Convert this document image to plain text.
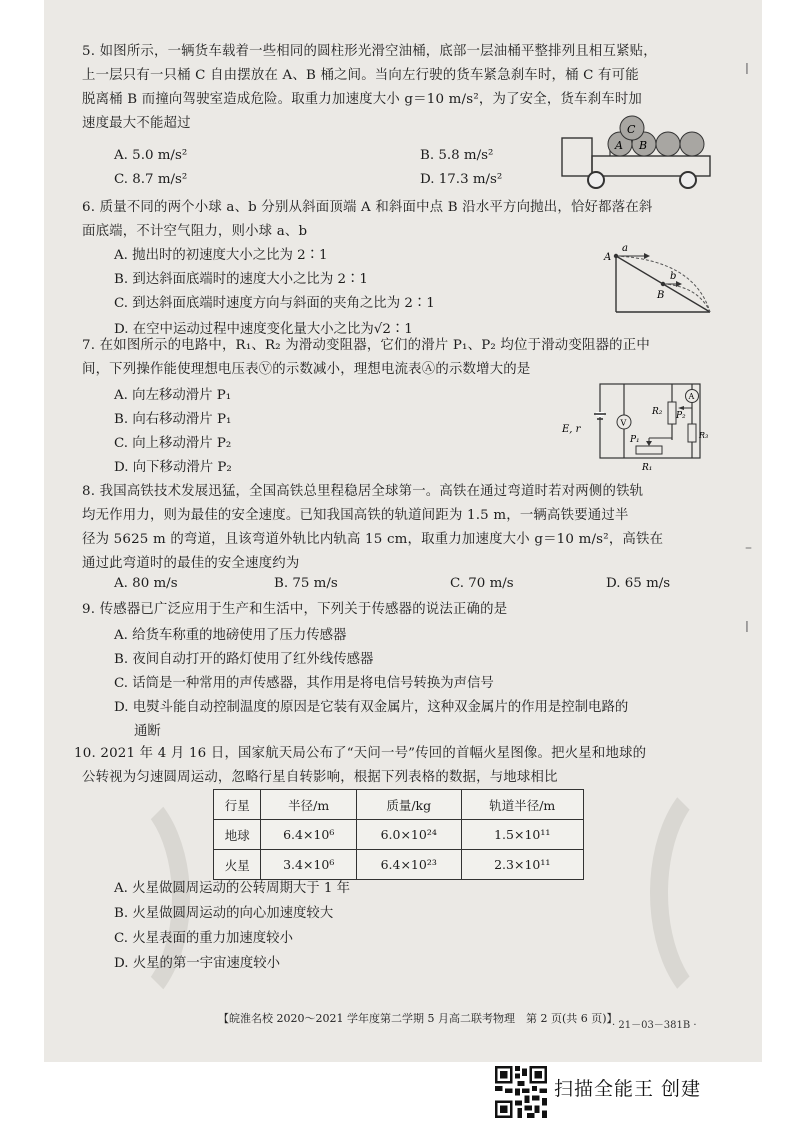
l
l
–
5. 如图所示，一辆货车载着一些相同的圆柱形光滑空油桶，底部一层油桶平整排列且相互紧贴，
上一层只有一只桶 C 自由摆放在 A、B 桶之间。当向左行驶的货车紧急刹车时，桶 C 有可能
脱离桶 B 而撞向驾驶室造成危险。取重力加速度大小 g＝10 m/s²，为了安全，货车刹车时加
速度最大不能超过
A. 5.0 m/s²	B. 5.8 m/s²
C. 8.7 m/s²	D. 17.3 m/s²
C
A B
6. 质量不同的两个小球 a、b 分别从斜面顶端 A 和斜面中点 B 沿水平方向抛出，恰好都落在斜
面底端，不计空气阻力，则小球 a、b
A. 抛出时的初速度大小之比为 2∶1
B. 到达斜面底端时的速度大小之比为 2∶1
C. 到达斜面底端时速度方向与斜面的夹角之比为 2∶1
D. 在空中运动过程中速度变化量大小之比为√2∶1
A
a
b
B
7. 在如图所示的电路中，R₁、R₂ 为滑动变阻器，它们的滑片 P₁、P₂ 均位于滑动变阻器的正中
间，下列操作能使理想电压表Ⓥ的示数减小，理想电流表Ⓐ的示数增大的是
A. 向左移动滑片 P₁
B. 向右移动滑片 P₁
C. 向上移动滑片 P₂
D. 向下移动滑片 P₂
V
A
E, r
R₂ P₂
R₃
P₁
R₁
8. 我国高铁技术发展迅猛，全国高铁总里程稳居全球第一。高铁在通过弯道时若对两侧的铁轨
均无作用力，则为最佳的安全速度。已知我国高铁的轨道间距为 1.5 m，一辆高铁要通过半
径为 5625 m 的弯道，且该弯道外轨比内轨高 15 cm，取重力加速度大小 g＝10 m/s²，高铁在
通过此弯道时的最佳的安全速度约为
A. 80 m/s	B. 75 m/s	C. 70 m/s	D. 65 m/s
9. 传感器已广泛应用于生产和生活中，下列关于传感器的说法正确的是
A. 给货车称重的地磅使用了压力传感器
B. 夜间自动打开的路灯使用了红外线传感器
C. 话筒是一种常用的声传感器，其作用是将电信号转换为声信号
D. 电熨斗能自动控制温度的原因是它装有双金属片，这种双金属片的作用是控制电路的
通断
10. 2021 年 4 月 16 日，国家航天局公布了“天问一号”传回的首幅火星图像。把火星和地球的
公转视为匀速圆周运动，忽略行星自转影响，根据下列表格的数据，与地球相比
行星	半径/m	质量/kg	轨道半径/m
地球	6.4×10⁶	6.0×10²⁴	1.5×10¹¹
火星	3.4×10⁶	6.4×10²³	2.3×10¹¹
A. 火星做圆周运动的公转周期大于 1 年
B. 火星做圆周运动的向心加速度较大
C. 火星表面的重力加速度较小
D. 火星的第一宇宙速度较小
【皖淮名校 2020～2021 学年度第二学期 5 月高二联考物理　第 2 页(共 6 页)】
· 21－03－381B ·
扫描全能王 创建
